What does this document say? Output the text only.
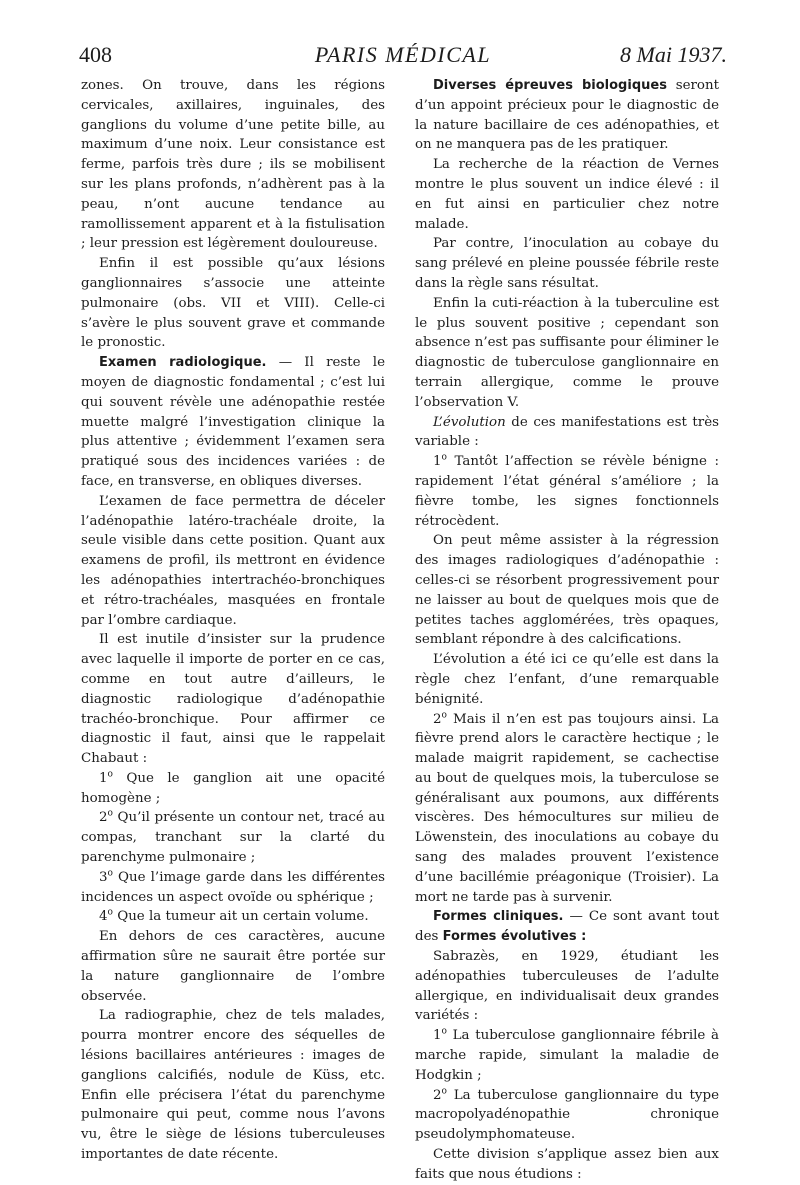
408	PARIS MÉDICAL	8 Mai 1937.

zones. On trouve, dans les régions cervicales, axillaires, inguinales, des ganglions du volume d’une petite bille, au maximum d’une noix. Leur consistance est ferme, parfois très dure ; ils se mobilisent sur les plans profonds, n’adhèrent pas à la peau, n’ont aucune tendance au ramollissement apparent et à la fistulisation ; leur pression est légèrement douloureuse.

Enfin il est possible qu’aux lésions ganglionnaires s’associe une atteinte pulmonaire (obs. VII et VIII). Celle-ci s’avère le plus souvent grave et commande le pronostic.

Examen radiologique. — Il reste le moyen de diagnostic fondamental ; c’est lui qui souvent révèle une adénopathie restée muette malgré l’investigation clinique la plus attentive ; évidemment l’examen sera pratiqué sous des incidences variées : de face, en transverse, en obliques diverses.

L’examen de face permettra de déceler l’adénopathie latéro-trachéale droite, la seule visible dans cette position. Quant aux examens de profil, ils mettront en évidence les adénopathies intertrachéo-bronchiques et rétro-trachéales, masquées en frontale par l’ombre cardiaque.

Il est inutile d’insister sur la prudence avec laquelle il importe de porter en ce cas, comme en tout autre d’ailleurs, le diagnostic radiologique d’adénopathie trachéo-bronchique. Pour affirmer ce diagnostic il faut, ainsi que le rappelait Chabaut :

1$^o$ Que le ganglion ait une opacité homogène ;

2$^o$ Qu’il présente un contour net, tracé au compas, tranchant sur la clarté du parenchyme pulmonaire ;

3$^o$ Que l’image garde dans les différentes incidences un aspect ovoïde ou sphérique ;

4$^o$ Que la tumeur ait un certain volume.

En dehors de ces caractères, aucune affirmation sûre ne saurait être portée sur la nature ganglionnaire de l’ombre observée.

La radiographie, chez de tels malades, pourra montrer encore des séquelles de lésions bacillaires antérieures : images de ganglions calcifiés, nodule de Küss, etc. Enfin elle précisera l’état du parenchyme pulmonaire qui peut, comme nous l’avons vu, être le siège de lésions tuberculeuses importantes de date récente.

Diverses épreuves biologiques seront d’un appoint précieux pour le diagnostic de la nature bacillaire de ces adénopathies, et on ne manquera pas de les pratiquer.

La recherche de la réaction de Vernes montre le plus souvent un indice élevé : il en fut ainsi en particulier chez notre malade.

Par contre, l’inoculation au cobaye du sang prélevé en pleine poussée fébrile reste dans la règle sans résultat.

Enfin la cuti-réaction à la tuberculine est le plus souvent positive ; cependant son absence n’est pas suffisante pour éliminer le diagnostic de tuberculose ganglionnaire en terrain allergique, comme le prouve l’observation V.

L’évolution de ces manifestations est très variable :

1$^o$ Tantôt l’affection se révèle bénigne : rapidement l’état général s’améliore ; la fièvre tombe, les signes fonctionnels rétrocèdent.

On peut même assister à la régression des images radiologiques d’adénopathie : celles-ci se résorbent progressivement pour ne laisser au bout de quelques mois que de petites taches agglomérées, très opaques, semblant répondre à des calcifications.

L’évolution a été ici ce qu’elle est dans la règle chez l’enfant, d’une remarquable bénignité.

2$^o$ Mais il n’en est pas toujours ainsi. La fièvre prend alors le caractère hectique ; le malade maigrit rapidement, se cachectise au bout de quelques mois, la tuberculose se généralisant aux poumons, aux différents viscères. Des hémocultures sur milieu de Löwenstein, des inoculations au cobaye du sang des malades prouvent l’existence d’une bacillémie préagonique (Troisier). La mort ne tarde pas à survenir.

Formes cliniques. — Ce sont avant tout des Formes évolutives :

Sabrazès, en 1929, étudiant les adénopathies tuberculeuses de l’adulte allergique, en individualisait deux grandes variétés :

1$^o$ La tuberculose ganglionnaire fébrile à marche rapide, simulant la maladie de Hodgkin ;

2$^o$ La tuberculose ganglionnaire du type macropolyadénopathie chronique pseudolymphomateuse.

Cette division s’applique assez bien aux faits que nous étudions :
